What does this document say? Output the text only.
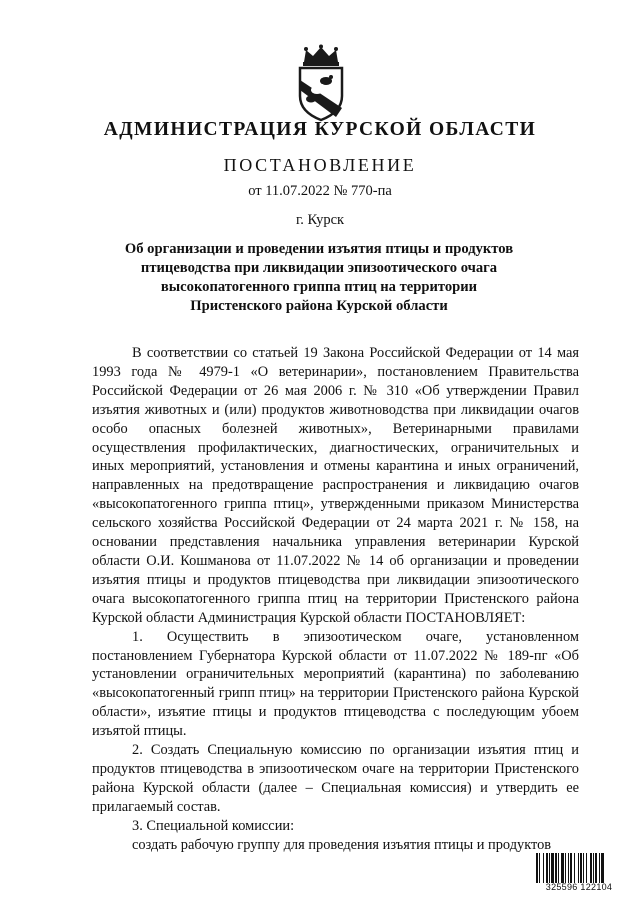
АДМИНИСТРАЦИЯ КУРСКОЙ ОБЛАСТИ
ПОСТАНОВЛЕНИЕ
от 11.07.2022 № 770-па
г. Курск
Об организации и проведении изъятия птицы и продуктов
птицеводства при ликвидации эпизоотического очага
высокопатогенного гриппа птиц на территории
Пристенского района Курской области

В соответствии со статьей 19 Закона Российской Федерации от 14 мая 1993 года № 4979-1 «О ветеринарии», постановлением Правительства Российской Федерации от 26 мая 2006 г. № 310 «Об утверждении Правил изъятия животных и (или) продуктов животноводства при ликвидации очагов особо опасных болезней животных», Ветеринарными правилами осуществления профилактических, диагностических, ограничительных и иных мероприятий, установления и отмены карантина и иных ограничений, направленных на предотвращение распространения и ликвидацию очагов «высокопатогенного гриппа птиц», утвержденными приказом Министерства сельского хозяйства Российской Федерации от 24 марта 2021 г. № 158, на основании представления начальника управления ветеринарии Курской области О.И. Кошманова от 11.07.2022 № 14 об организации и проведении изъятия птицы и продуктов птицеводства при ликвидации эпизоотического очага высокопатогенного гриппа птиц на территории Пристенского района Курской области Администрация Курской области ПОСТАНОВЛЯЕТ:

1. Осуществить в эпизоотическом очаге, установленном постановлением Губернатора Курской области от 11.07.2022 № 189-пг «Об установлении ограничительных мероприятий (карантина) по заболеванию «высокопатогенный грипп птиц» на территории Пристенского района Курской области», изъятие птицы и продуктов птицеводства с последующим убоем изъятой птицы.

2. Создать Специальную комиссию по организации изъятия птиц и продуктов птицеводства в эпизоотическом очаге на территории Пристенского района Курской области (далее – Специальная комиссия) и утвердить ее прилагаемый состав.

3. Специальной комиссии:

создать рабочую группу для проведения изъятия птицы и продуктов

325596 122104
